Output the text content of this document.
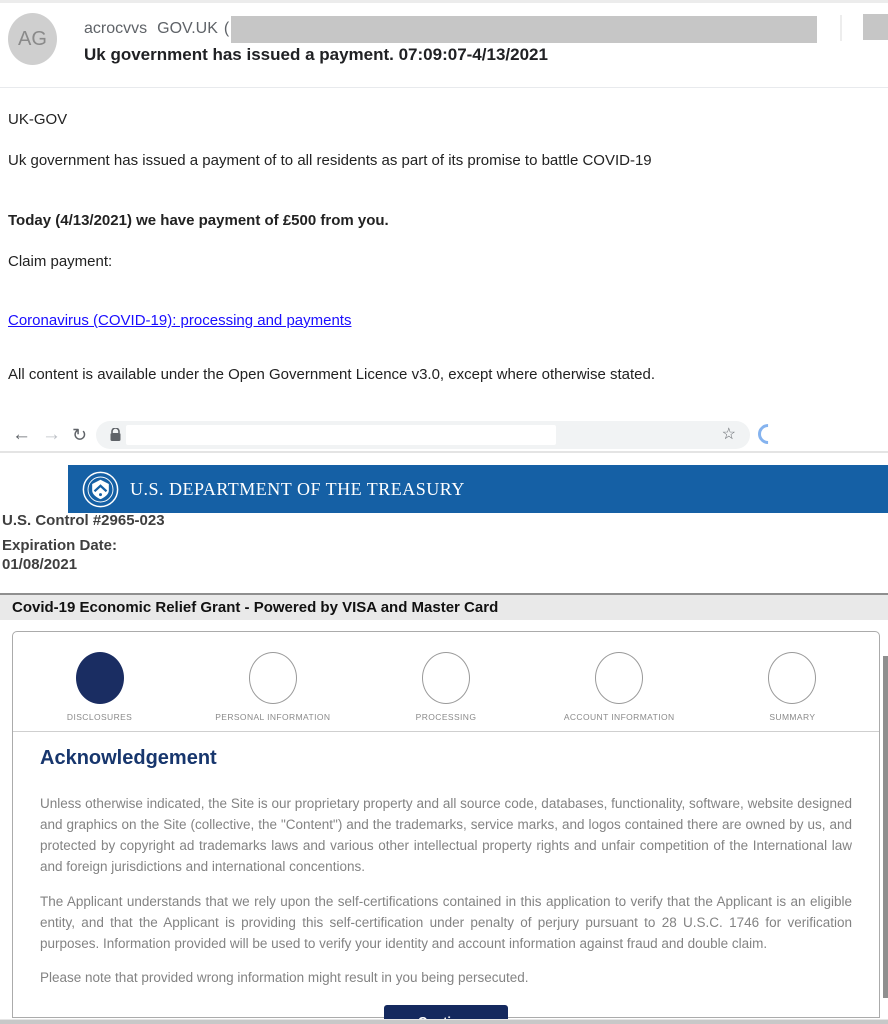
AG acrocvvs GOV.UK (
Uk government has issued a payment. 07:09:07-4/13/2021
UK-GOV
Uk government has issued a payment of to all residents as part of its promise to battle COVID-19
Today (4/13/2021) we have payment of £500 from you.
Claim payment:
Coronavirus (COVID-19): processing and payments
All content is available under the Open Government Licence v3.0, except where otherwise stated.
← → ↻	☆
U.S. DEPARTMENT OF THE TREASURY
U.S. Control #2965-023
Expiration Date:
01/08/2021
Covid-19 Economic Relief Grant - Powered by VISA and Master Card
DISCLOSURES	PERSONAL INFORMATION	PROCESSING	ACCOUNT INFORMATION	SUMMARY
Acknowledgement

Unless otherwise indicated, the Site is our proprietary property and all source code, databases, functionality, software, website designed and graphics on the Site (collective, the "Content") and the trademarks, service marks, and logos contained there are owned by us, and protected by copyright ad trademarks laws and various other intellectual property rights and unfair competition of the International law and foreign jurisdictions and international concentions.

The Applicant understands that we rely upon the self-certifications contained in this application to verify that the Applicant is an eligible entity, and that the Applicant is providing this self-certification under penalty of perjury pursuant to 28 U.S.C. 1746 for verification purposes. Information provided will be used to verify your identity and account information against fraud and double claim.

Please note that provided wrong information might result in you being persecuted.
